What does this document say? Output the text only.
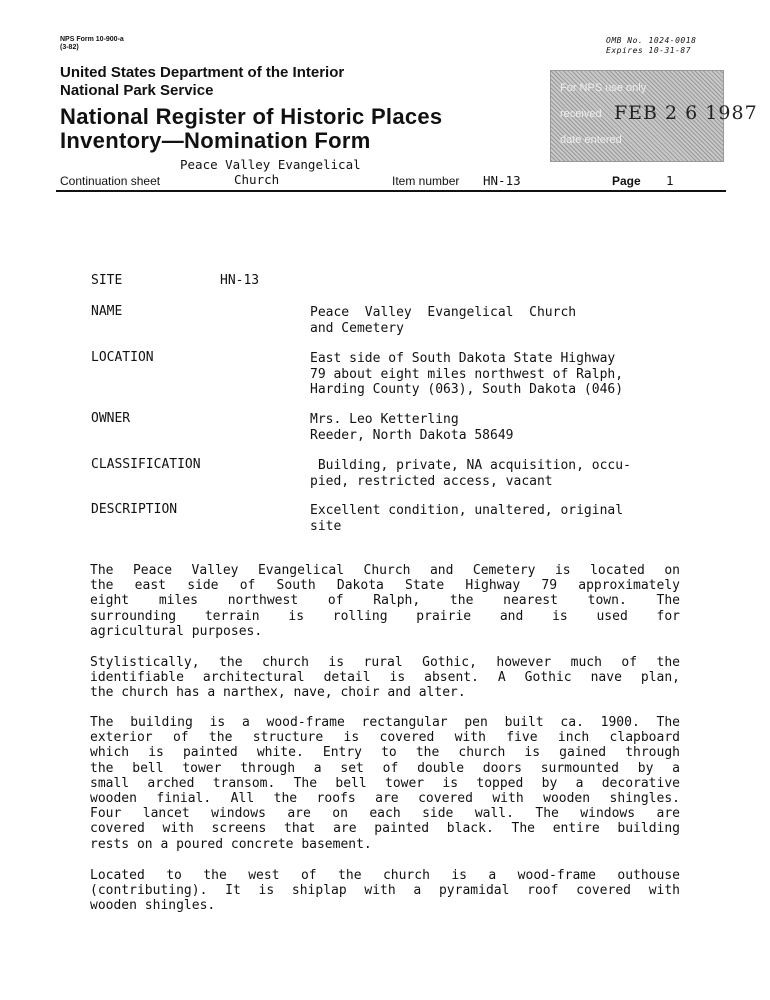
NPS Form 10-900-a
(3-82)
OMB No. 1024-0018
Expires 10-31-87
United States Department of the Interior
National Park Service
National Register of Historic Places
Inventory—Nomination Form
For NPS use only
received FEB 2 6 1987
date entered
Peace Valley Evangelical
Church
Continuation sheet	Item number HN-13	Page 1
SITE	HN-13
NAME	Peace  Valley  Evangelical  Church
and Cemetery
LOCATION	East side of South Dakota State Highway
79 about eight miles northwest of Ralph,
Harding County (063), South Dakota (046)
OWNER	Mrs. Leo Ketterling
Reeder, North Dakota 58649
CLASSIFICATION	Building, private, NA acquisition, occu-
pied, restricted access, vacant
DESCRIPTION	Excellent condition, unaltered, original
site
The Peace Valley Evangelical Church and Cemetery is located on
the east side of South Dakota State Highway 79 approximately
eight miles northwest of Ralph, the nearest town. The
surrounding terrain is rolling prairie and is used for
agricultural purposes.
Stylistically, the church is rural Gothic, however much of the
identifiable architectural detail is absent. A Gothic nave plan,
the church has a narthex, nave, choir and alter.
The building is a wood-frame rectangular pen built ca. 1900. The
exterior of the structure is covered with five inch clapboard
which is painted white. Entry to the church is gained through
the bell tower through a set of double doors surmounted by a
small arched transom. The bell tower is topped by a decorative
wooden finial. All the roofs are covered with wooden shingles.
Four lancet windows are on each side wall. The windows are
covered with screens that are painted black. The entire building
rests on a poured concrete basement.
Located to the west of the church is a wood-frame outhouse
(contributing). It is shiplap with a pyramidal roof covered with
wooden shingles.
